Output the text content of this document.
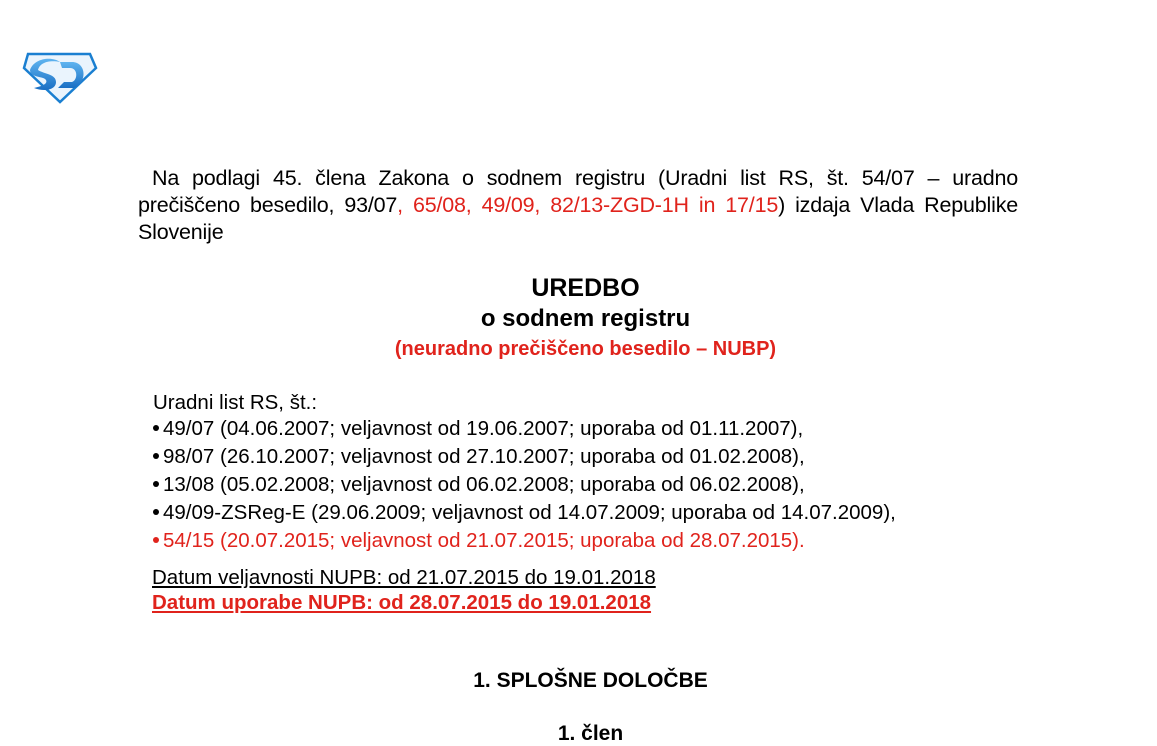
Na podlagi 45. člena Zakona o sodnem registru (Uradni list RS, št. 54/07 – uradno prečiščeno besedilo, 93/07, 65/08, 49/09, 82/13-ZGD-1H in 17/15) izdaja Vlada Republike Slovenije
UREDBO
o sodnem registru
(neuradno prečiščeno besedilo – NUBP)
Uradni list RS, št.:
49/07 (04.06.2007; veljavnost od 19.06.2007; uporaba od 01.11.2007),
98/07 (26.10.2007; veljavnost od 27.10.2007; uporaba od 01.02.2008),
13/08 (05.02.2008; veljavnost od 06.02.2008; uporaba od 06.02.2008),
49/09-ZSReg-E (29.06.2009; veljavnost od 14.07.2009; uporaba od 14.07.2009),
54/15 (20.07.2015; veljavnost od 21.07.2015; uporaba od 28.07.2015).
Datum veljavnosti NUPB: od 21.07.2015 do 19.01.2018
Datum uporabe NUPB: od 28.07.2015 do 19.01.2018
1. SPLOŠNE DOLOČBE
1. člen
